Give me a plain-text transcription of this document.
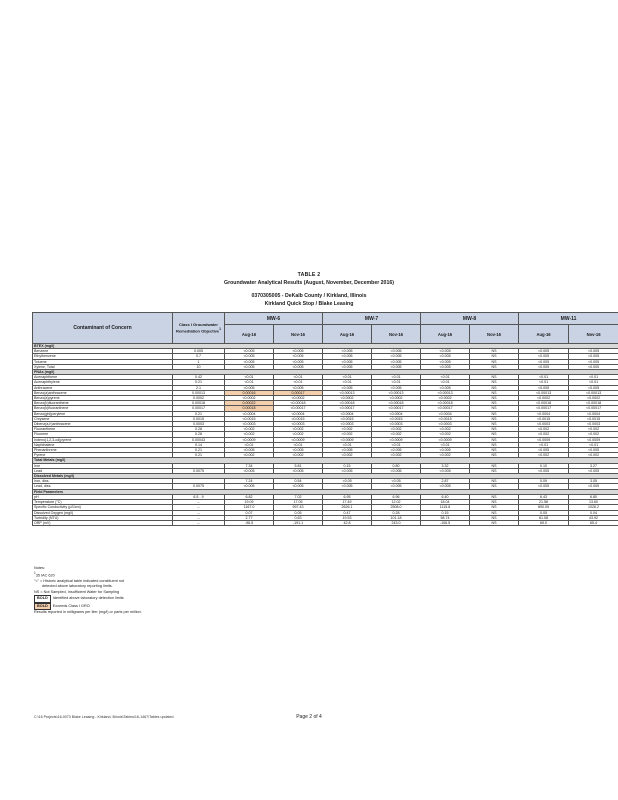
TABLE 2
Groundwater Analytical Results (August, November, December 2016)
0370305005 - DeKalb County / Kirkland, Illinois
Kirkland Quick Stop / Blake Leasing
Contaminant of Concern	Class I Groundwater Remediation Objective$^1$	MW-6		MW-7		MW-8		MW-11	
		Aug-16	Nov-16	Aug-16	Nov-16	Aug-16	Nov-16	Aug-16	Nov-16
BTEX (mg/l)									
Benzene	0.005	<0.005	<0.005	<0.005	<0.005	<0.005	NS	<0.005	<0.005
Ethylbenzene	0.7	<0.005	<0.005	<0.005	<0.005	<0.005	NS	<0.005	<0.005
Toluene	1	<0.005	<0.005	<0.005	<0.005	<0.005	NS	<0.005	<0.005
Xylene, Total	10	<0.005	<0.005	<0.005	<0.005	<0.005	NS	<0.005	<0.005
PNAs (mg/l)									
Acenaphthene	0.42	<0.01	<0.01	<0.01	<0.01	<0.01	NS	<0.01	<0.01
Acenaphthylene	0.21	<0.01	<0.01	<0.01	<0.01	<0.01	NS	<0.01	<0.01
Anthracene	2.1	<0.005	<0.005	<0.005	<0.005	<0.005	NS	<0.005	<0.005
Benzo(a)anthracene	0.00013	0.00016	0.00017	<0.00013	<0.00013	<0.00013	NS	<0.00013	<0.00013
Benzo(a)pyrene	0.0002	<0.0002	<0.0002	<0.0002	<0.0002	<0.0002	NS	<0.0002	<0.0002
Benzo(b)fluoranthene	0.00018	0.00022	<0.00018	<0.00018	<0.00018	<0.00018	NS	<0.00018	<0.00018
Benzo(k)fluoranthene	0.00017	0.00018	<0.00017	<0.00017	<0.00017	<0.00017	NS	<0.00017	<0.00017
Benzo(ghi)perylene	0.21	<0.0004	<0.0004	<0.0004	<0.0004	<0.0004	NS	<0.0004	<0.0004
Chrysene	0.0015	<0.0015	<0.0015	<0.0015	<0.0015	<0.0015	NS	<0.0015	<0.0015
Dibenz(a,h)anthracene	0.0003	<0.0003	<0.0003	<0.0003	<0.0003	<0.0003	NS	<0.0003	<0.0003
Fluoranthene	0.28	<0.002	<0.002	<0.002	<0.002	<0.002	NS	<0.002	<0.002
Fluorene	0.28	<0.002	<0.002	<0.002	<0.002	<0.002	NS	<0.002	<0.002
Indeno(1,2,3-cd)pyrene	0.00043	<0.0009	<0.0009	<0.0009	<0.0009	<0.0009	NS	<0.0009	<0.0009
Naphthalene	0.14	<0.01	<0.01	<0.01	<0.01	<0.01	NS	<0.01	<0.01
Phenanthrene	0.21	<0.005	<0.005	<0.005	<0.005	<0.005	NS	<0.005	<0.005
Pyrene	0.21	<0.002	<0.002	<0.002	<0.002	<0.002	NS	<0.002	<0.002
Total Metals (mg/l)									
Iron		7.34	5.81	0.15	0.80	3.32	NS	0.10	3.27
Lead	0.0075	<0.005	<0.005	<0.005	<0.005	<0.005	NS	<0.005	<0.005
Dissolved Metals (mg/l)									
Iron, diss.		7.24	0.54	<0.05	<0.05	2.87	NS	0.09	3.05
Lead, diss.	0.0075	<0.005	<0.005	<0.005	<0.005	<0.005	NS	<0.005	<0.005
Field Parameters									
pH	6.5 - 9	6.82	7.02	6.95	6.96	6.40	NS	6.43	6.80
Temperature (°C)	--	19.09	17.05	17.49	12.02	18.04	NS	21.58	13.60
Specific Conductivity (µS/cm)	--	1167.0	997.43	2626.1	2508.0	1115.8	NS	890.09	1026.2
Dissolved Oxygen (mg/l)	--	0.07	0.05	0.47	0.28	0.15	NS	0.05	0.04
Turbidity (NTU)	--	2.77	0.63	19.53	101.18	58.74	NS	61.08	43.92
ORP (mV)	--	-96.5	-191.1	42.8	243.0	-106.5	NS	69.0	65.4
Notes:
$^1$35 IAC 620
"<" = Historic analytical table indicated constituent not
detected above laboratory reporting limits.
NS = Not Sampled, Insufficient Water for Sampling
BOLD Identified above laboratory detection limits
BOLD Exceeds Class I GRO
Results reported in milligrams per liter (mg/l) or parts per million.
C:\16 Projects\16-0073 Blake Leasing - Kirkland, Illinois\Tables\16-1467\Tables updated	Page 2 of 4
